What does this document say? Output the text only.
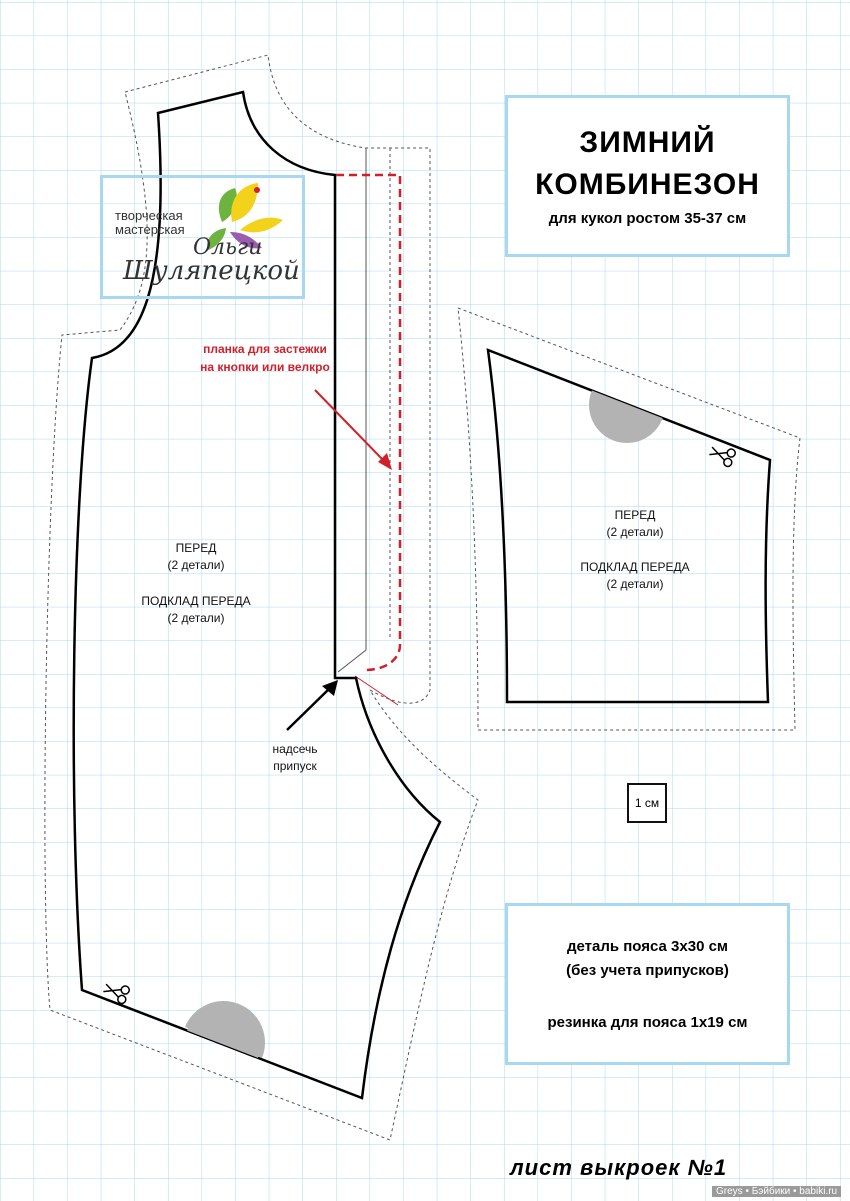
творческая
мастерская
Ольги
Шуляпецкой
ЗИМНИЙ
КОМБИНЕЗОН
для кукол ростом 35-37 см
планка для застежки
на кнопки или велкро
ПЕРЕД
(2 детали)
ПОДКЛАД ПЕРЕДА
(2 детали)
ПЕРЕД
(2 детали)
ПОДКЛАД ПЕРЕДА
(2 детали)
надсечь
припуск
1 см
деталь пояса 3х30 см
(без учета припусков)
резинка для пояса 1х19 см
лист выкроек №1
Greys • Бэйбики • babiki.ru
